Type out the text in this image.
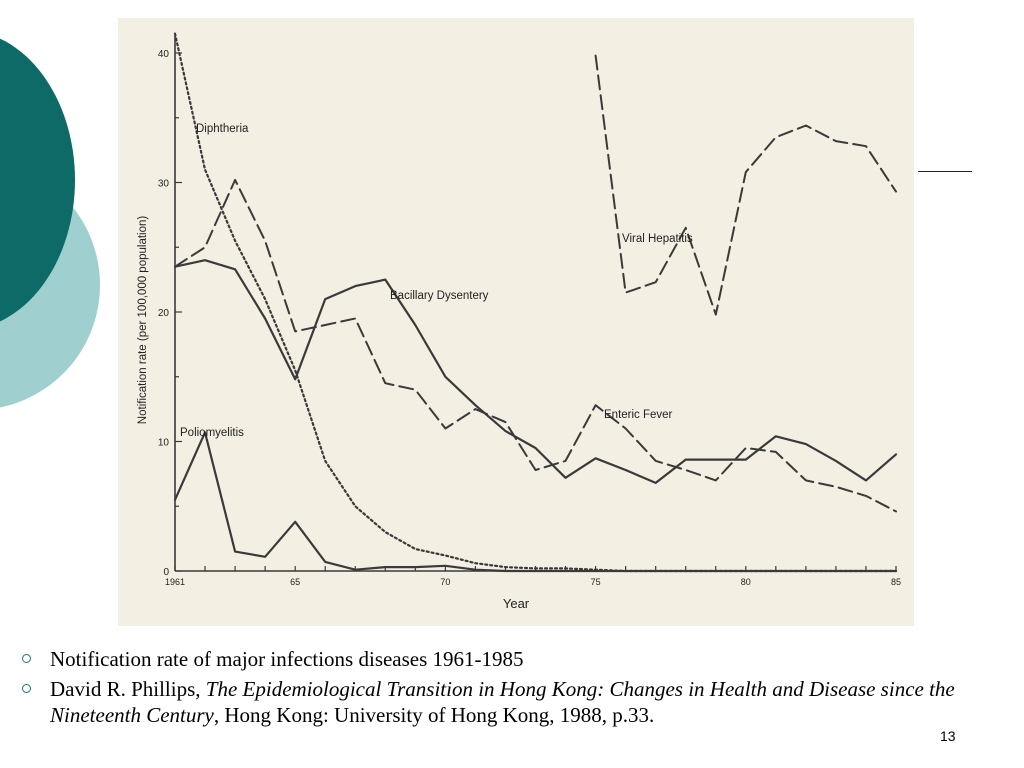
1961	65	70	75	80	85
0
10
20
30
40
Diphtheria
Bacillary Dysentery
Enteric Fever
Poliomyelitis
Viral Hepatitis
Year
Notification rate (per 100,000 population)
Notification rate of major infections diseases 1961-1985
David R. Phillips, The Epidemiological Transition in Hong Kong: Changes in Health and Disease since the Nineteenth Century, Hong Kong: University of Hong Kong, 1988, p.33.
13
